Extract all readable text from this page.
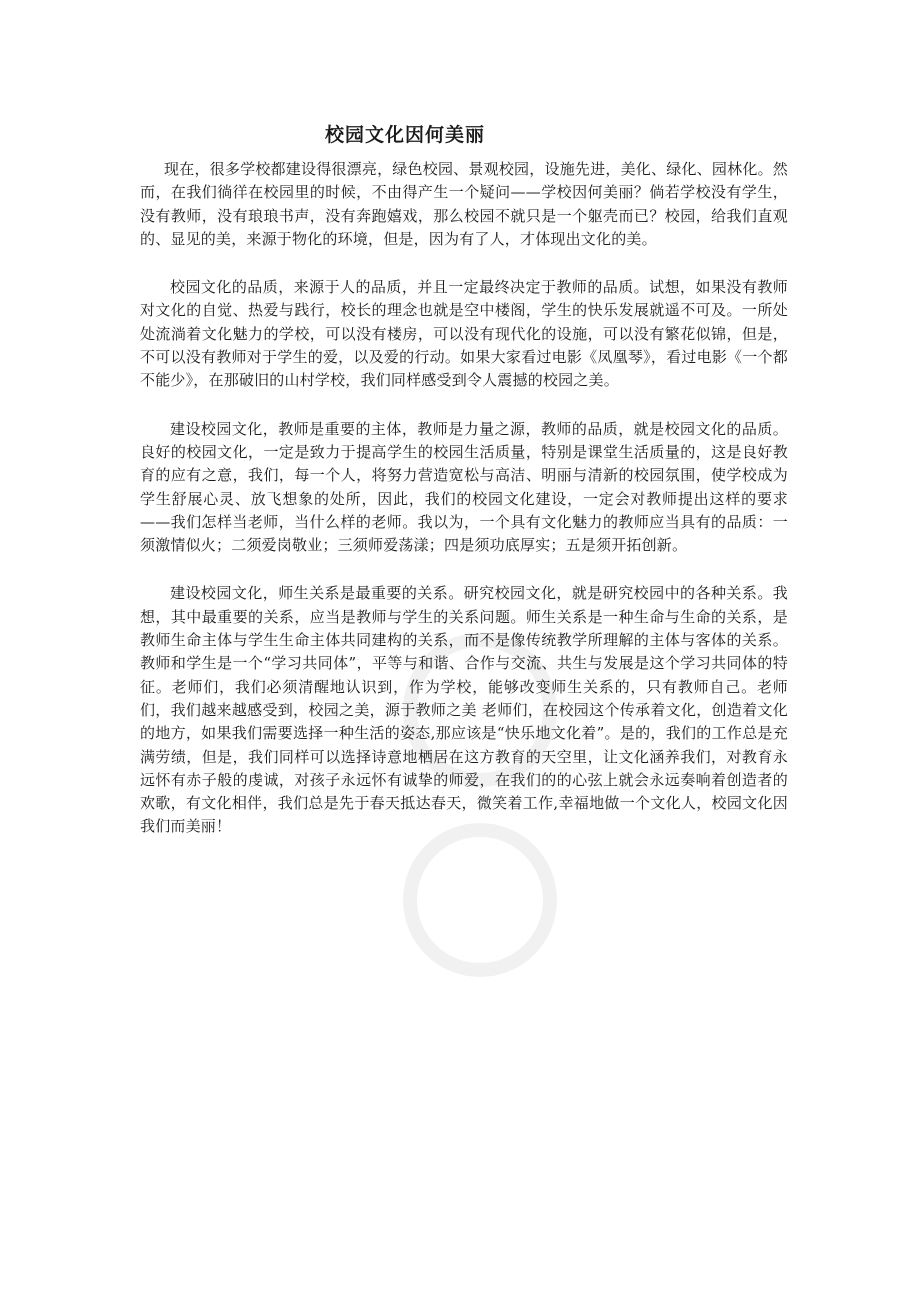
校园文化因何美丽

现在，很多学校都建设得很漂亮，绿色校园、景观校园，设施先进，美化、绿化、园林化。然而，在我们徜徉在校园里的时候，不由得产生一个疑问——学校因何美丽？倘若学校没有学生，没有教师，没有琅琅书声，没有奔跑嬉戏，那么校园不就只是一个躯壳而已？校园，给我们直观的、显见的美，来源于物化的环境，但是，因为有了人，才体现出文化的美。

校园文化的品质，来源于人的品质，并且一定最终决定于教师的品质。试想，如果没有教师对文化的自觉、热爱与践行，校长的理念也就是空中楼阁，学生的快乐发展就遥不可及。一所处处流淌着文化魅力的学校，可以没有楼房，可以没有现代化的设施，可以没有繁花似锦，但是，不可以没有教师对于学生的爱，以及爱的行动。如果大家看过电影《凤凰琴》，看过电影《一个都不能少》，在那破旧的山村学校，我们同样感受到令人震撼的校园之美。

建设校园文化，教师是重要的主体，教师是力量之源，教师的品质，就是校园文化的品质。良好的校园文化，一定是致力于提高学生的校园生活质量，特别是课堂生活质量的，这是良好教育的应有之意，我们，每一个人，将努力营造宽松与高洁、明丽与清新的校园氛围，使学校成为学生舒展心灵、放飞想象的处所，因此，我们的校园文化建设，一定会对教师提出这样的要求——我们怎样当老师，当什么样的老师。我以为，一个具有文化魅力的教师应当具有的品质：一须激情似火；二须爱岗敬业；三须师爱荡漾；四是须功底厚实；五是须开拓创新。

建设校园文化，师生关系是最重要的关系。研究校园文化，就是研究校园中的各种关系。我想，其中最重要的关系，应当是教师与学生的关系问题。师生关系是一种生命与生命的关系，是教师生命主体与学生生命主体共同建构的关系，而不是像传统教学所理解的主体与客体的关系。教师和学生是一个“学习共同体”，平等与和谐、合作与交流、共生与发展是这个学习共同体的特征。老师们，我们必须清醒地认识到，作为学校，能够改变师生关系的，只有教师自己。老师们，我们越来越感受到，校园之美，源于教师之美 老师们，在校园这个传承着文化，创造着文化的地方，如果我们需要选择一种生活的姿态,那应该是“快乐地文化着”。是的，我们的工作总是充满劳绩，但是，我们同样可以选择诗意地栖居在这方教育的天空里，让文化涵养我们，对教育永远怀有赤子般的虔诚，对孩子永远怀有诚挚的师爱，在我们的的心弦上就会永远奏响着创造者的欢歌，有文化相伴，我们总是先于春天抵达春天，微笑着工作,幸福地做一个文化人，校园文化因我们而美丽！
